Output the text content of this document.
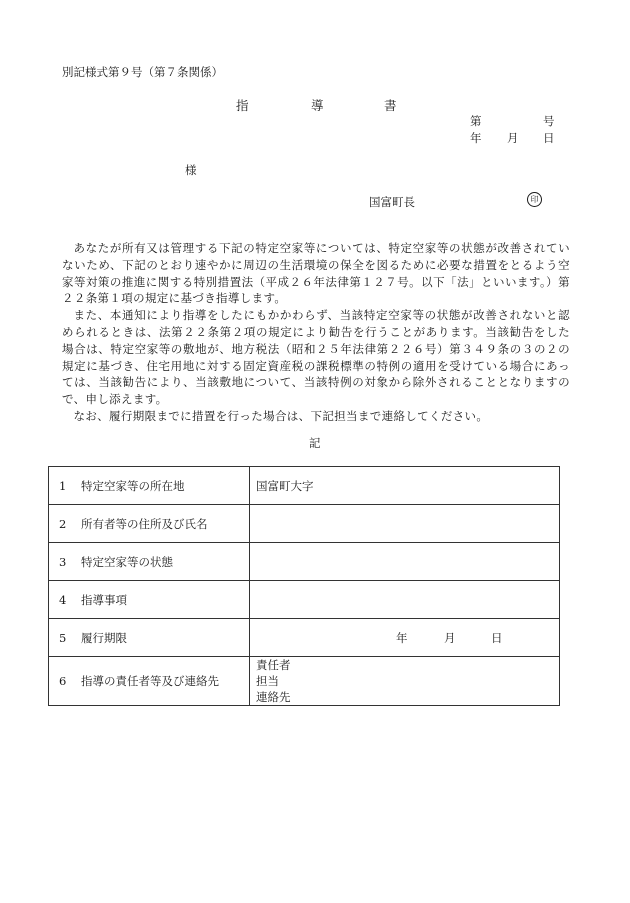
別記様式第９号（第７条関係）
指	導	書
第	号
年 月 日
様
国富町長	印

あなたが所有又は管理する下記の特定空家等については、特定空家等の状態が改善されていないため、下記のとおり速やかに周辺の生活環境の保全を図るために必要な措置をとるよう空家等対策の推進に関する特別措置法（平成２６年法律第１２７号。以下「法」といいます。）第２２条第１項の規定に基づき指導します。

また、本通知により指導をしたにもかかわらず、当該特定空家等の状態が改善されないと認められるときは、法第２２条第２項の規定により勧告を行うことがあります。当該勧告をした場合は、特定空家等の敷地が、地方税法（昭和２５年法律第２２６号）第３４９条の３の２の規定に基づき、住宅用地に対する固定資産税の課税標準の特例の適用を受けている場合にあっては、当該勧告により、当該敷地について、当該特例の対象から除外されることとなりますので、申し添えます。

なお、履行期限までに措置を行った場合は、下記担当まで連絡してください。

記
1 特定空家等の所在地	国富町大字
2 所有者等の住所及び氏名	
3 特定空家等の状態	
4 指導事項	
5 履行期限	年 月 日
6 指導の責任者等及び連絡先	責任者
担当
連絡先
